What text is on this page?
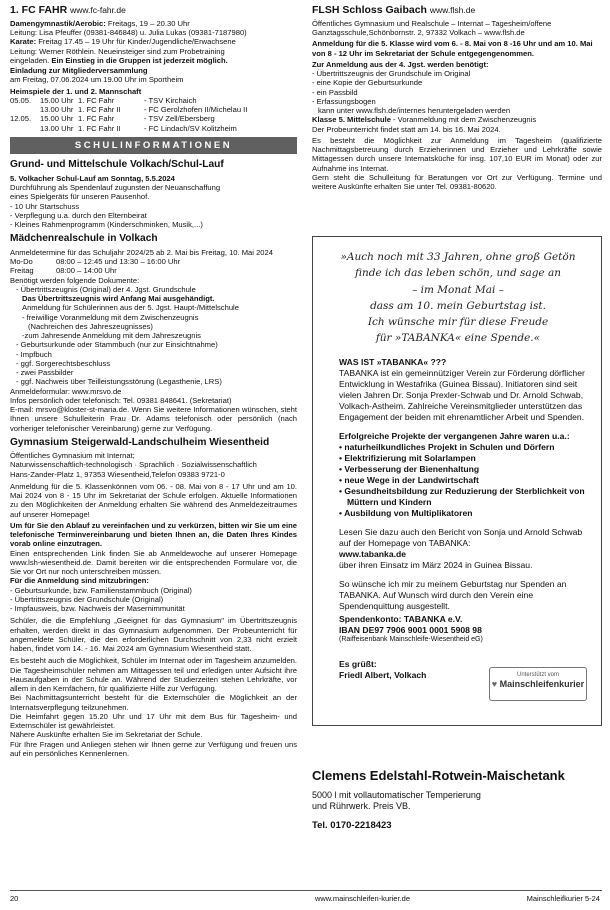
1. FC FAHR www.fc-fahr.de
Damengymnastik/Aerobic: Freitags, 19 – 20.30 Uhr
Leitung: Lisa Pfeuffer (09381-846848) u. Julia Lukas (09381-7187980)
Karate: Freitag 17.45 – 19 Uhr für Kinder/Jugendliche/Erwachsene
Leitung: Werner Röthlein. Neueinsteiger sind zum Probetraining
eingeladen. Ein Einstieg in die Gruppen ist jederzeit möglich.

Einladung zur Mitgliederversammlung

am Freitag, 07.06.2024 um 19.00 Uhr im Sportheim

Heimspiele der 1. und 2. Mannschaft

05.05.	15.00 Uhr 1. FC Fahr	- TSV Kirchaich
13.00 Uhr 1. FC Fahr II	- FC Gerolzhofen II/Michelau II
12.05.	15.00 Uhr 1. FC Fahr	- TSV Zell/Ebersberg
13.00 Uhr 1. FC Fahr II	- FC Lindach/SV Kolitzheim
SCHULINFORMATIONEN
Grund- und Mittelschule Volkach/Schul-Lauf

5. Volkacher Schul-Lauf am Sonntag, 5.5.2024

Durchführung als Spendenlauf zugunsten der Neuanschaffung
eines Spielgeräts für unseren Pausenhof.
- 10 Uhr Startschuss
- Verpflegung u.a. durch den Elternbeirat
- Kleines Rahmenprogramm (Kinderschminken, Musik,...)
Mädchenrealschule in Volkach

Anmeldetermine für das Schuljahr 2024/25 ab 2. Mai bis Freitag, 10. Mai 2024

Mo-Do	08:00 – 12:45 und 13:30 – 16:00 Uhr
Freitag	08:00 – 14:00 Uhr

Benötigt werden folgende Dokumente:

- Übertrittszeugnis (Original) der 4. Jgst. Grundschule
Das Übertrittszeugnis wird Anfang Mai ausgehändigt.
Anmeldung für Schülerinnen aus der 5. Jgst. Haupt-/Mittelschule
- freiwillige Voranmeldung mit dem Zwischenzeugnis
(Nachreichen des Jahreszeugnisses)
-zum Jahresende Anmeldung mit dem Jahreszeugnis
- Geburtsurkunde oder Stammbuch (nur zur Einsichtnahme)
- Impfbuch
- ggf. Sorgerechtsbeschluss
- zwei Passbilder
- ggf. Nachweis über Teilleistungsstörung (Legasthenie, LRS)

Anmeldeformular: www.mrsvo.de

Infos persönlich oder telefonisch: Tel. 09381 848641. (Sekretariat)

E-mail: mrsvo@kloster-st-maria.de. Wenn Sie weitere Informationen wünschen, steht Ihnen unsere Schulleiterin Frau Dr. Adams telefonisch oder persönlich (nach vorheriger telefonischer Vereinbarung) gerne zur Verfügung.

Gymnasium Steigerwald-Landschulheim Wiesentheid
Öffentliches Gymnasium mit Internat;
Naturwissenschaftlich-technologisch · Sprachlich · Sozialwissenschaftlich
Hans-Zander-Platz 1, 97353 Wiesentheid,Telefon 09383 9721-0

Anmeldung für die 5. Klassenkönnen vom 06. - 08. Mai von 8 - 17 Uhr und am 10. Mai 2024 von 8 - 15 Uhr im Sekretariat der Schule erfolgen. Aktuelle Informationen zu den Möglichkeiten der Anmeldung erhalten Sie während des Anmeldezeitraumes auf unserer Homepage!

Um für Sie den Ablauf zu vereinfachen und zu verkürzen, bitten wir Sie um eine telefonische Terminvereinbarung und bieten Ihnen an, die Daten Ihres Kindes vorab online einzutragen.

Einen entsprechenden Link finden Sie ab Anmeldewoche auf unserer Homepage www.lsh-wiesentheid.de. Damit bereiten wir die entsprechenden Formulare vor, die Sie vor Ort nur noch unterschreiben müssen.

Für die Anmeldung sind mitzubringen:

- Geburtsurkunde, bzw. Familienstammbuch (Original)
- Übertrittszeugnis der Grundschule (Original)
- Impfausweis, bzw. Nachweis der Masernimmunität

Schüler, die die Empfehlung „Geeignet für das Gymnasium" im Übertrittszeugnis erhalten, werden direkt in das Gymnasium aufgenommen. Der Probeunterricht für angemeldete Schüler, die den erforderlichen Durchschnitt von 2,33 nicht erzielt haben, findet vom 14. - 16. Mai 2024 am Gymnasium Wiesentheid statt.

Es besteht auch die Möglichkeit, Schüler im Internat oder im Tagesheim anzumelden. Die Tagesheimschüler nehmen am Mittagessen teil und erledigen unter Aufsicht ihre Hausaufgaben in der Schule an. Während der Studierzeiten stehen Lehrkräfte, vor allem in den Kernfächern, für qualifizierte Hilfe zur Verfügung.

Bei Nachmittagsunterricht besteht für die Externschüler die Möglichkeit an der Internatsverpflegung teilzunehmen.

Die Heimfahrt gegen 15.20 Uhr und 17 Uhr mit dem Bus für Tagesheim- und Externschüler ist gewährleistet.

Nähere Auskünfte erhalten Sie im Sekretariat der Schule.

Für Ihre Fragen und Anliegen stehen wir Ihnen gerne zur Verfügung und freuen uns auf ein persönliches Kennenlernen.

FLSH Schloss Gaibach www.flsh.de

Öffentliches Gymnasium und Realschule – Internat – Tagesheim/offene Ganztagsschule,Schönbornstr. 2, 97332 Volkach – www.flsh.de

Anmeldung für die 5. Klasse wird vom 6. - 8. Mai von 8 -16 Uhr und am 10. Mai von 8 - 12 Uhr im Sekretariat der Schule entgegengenommen.

Zur Anmeldung aus der 4. Jgst. werden benötigt:

- Übertrittszeugnis der Grundschule im Original
- eine Kopie der Geburtsurkunde
- ein Passbild
- Erfassungsbogen
kann unter www.flsh.de/internes heruntergeladen werden

Klasse 5. Mittelschule - Voranmeldung mit dem Zwischenzeugnis

Der Probeunterricht findet statt am 14. bis 16. Mai 2024.

Es besteht die Möglichkeit zur Anmeldung im Tagesheim (qualifizierte Nachmittagsbetreuung durch Erzieherinnen und Erzieher und Lehrkräfte sowie Mittagessen durch unsere Internatsküche für insg. 107,10 EUR im Monat) oder zur Aufnahme ins Internat.

Gern steht die Schulleitung für Beratungen vor Ort zur Verfügung. Termine und weitere Auskünfte erhalten Sie unter Tel. 09381-80620.

»Auch noch mit 33 Jahren, ohne groß Getön
finde ich das leben schön, und sage an
– im Monat Mai –
dass am 10. mein Geburtstag ist.
Ich wünsche mir für diese Freude
für »TABANKA« eine Spende.«

WAS IST »TABANKA« ???

TABANKA ist ein gemeinnütziger Verein zur Förderung dörflicher Entwicklung in Westafrika (Guinea Bissau). Initiatoren sind seit vielen Jahren Dr. Sonja Prexler-Schwab und Dr. Arnold Schwab, Volkach-Astheim. Zahlreiche Vereinsmitglieder unterstützen das Engagement der beiden mit ehrenamtlicher Arbeit und Spenden.

Erfolgreiche Projekte der vergangenen Jahre waren u.a.:

• naturheilkundliches Projekt in Schulen und Dörfern
• Elektrifizierung mit Solarlampen
• Verbesserung der Bienenhaltung
• neue Wege in der Landwirtschaft
• Gesundheitsbildung zur Reduzierung der Sterblichkeit von Müttern und Kindern
• Ausbildung von Multiplikatoren

Lesen Sie dazu auch den Bericht von Sonja und Arnold Schwab auf der Homepage von TABANKA:

www.tabanka.de

über ihren Einsatz im März 2024 in Guinea Bissau.

So wünsche ich mir zu meinem Geburtstag nur Spenden an TABANKA. Auf Wunsch wird durch den Verein eine Spendenquittung ausgestellt.

Spendenkonto: TABANKA e.V.

IBAN DE97 7906 9001 0001 5908 98

(Raiffeisenbank Mainschleife-Wiesentheid eG)

Es grüßt:

Friedl Albert, Volkach	Unterstützt vom
♥ Mainschleifenkurier
Clemens Edelstahl-Rotwein-Maischetank
5000 l mit vollautomatischer Temperierung
und Rührwerk. Preis VB.
Tel. 0170-2218423
20	www.mainschleifen-kurier.de	Mainschleifkurier 5-24
